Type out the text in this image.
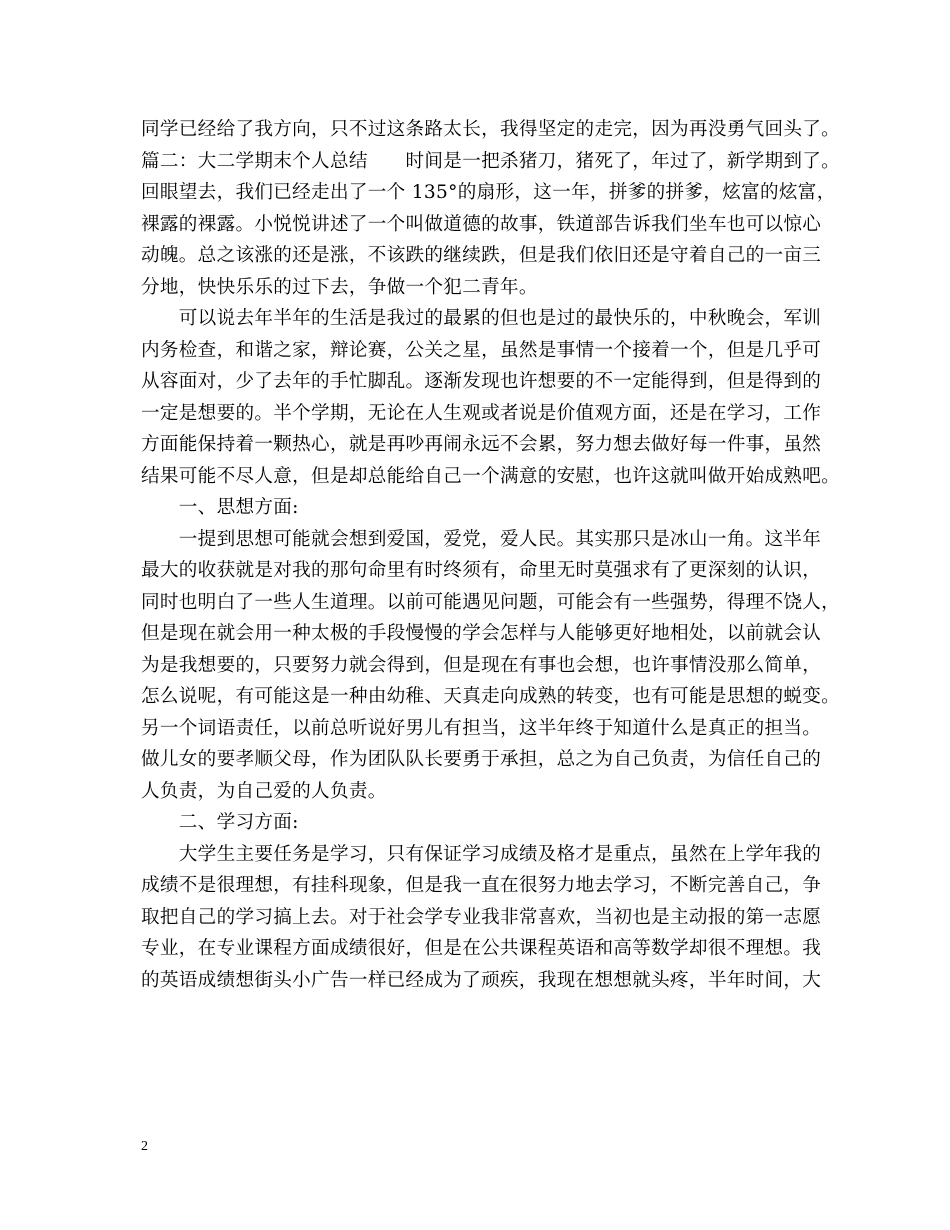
同学已经给了我方向，只不过这条路太长，我得坚定的走完，因为再没勇气回头了。
篇二：大二学期末个人总结　　时间是一把杀猪刀，猪死了，年过了，新学期到了。
回眼望去，我们已经走出了一个 135°的扇形，这一年，拼爹的拼爹，炫富的炫富，
裸露的裸露。小悦悦讲述了一个叫做道德的故事，铁道部告诉我们坐车也可以惊心
动魄。总之该涨的还是涨，不该跌的继续跌，但是我们依旧还是守着自己的一亩三
分地，快快乐乐的过下去，争做一个犯二青年。
　　可以说去年半年的生活是我过的最累的但也是过的最快乐的，中秋晚会，军训
内务检查，和谐之家，辩论赛，公关之星，虽然是事情一个接着一个，但是几乎可
从容面对，少了去年的手忙脚乱。逐渐发现也许想要的不一定能得到，但是得到的
一定是想要的。半个学期，无论在人生观或者说是价值观方面，还是在学习，工作
方面能保持着一颗热心，就是再吵再闹永远不会累，努力想去做好每一件事，虽然
结果可能不尽人意，但是却总能给自己一个满意的安慰，也许这就叫做开始成熟吧。
　　一、思想方面:
　　一提到思想可能就会想到爱国，爱党，爱人民。其实那只是冰山一角。这半年
最大的收获就是对我的那句命里有时终须有，命里无时莫强求有了更深刻的认识，
同时也明白了一些人生道理。以前可能遇见问题，可能会有一些强势，得理不饶人，
但是现在就会用一种太极的手段慢慢的学会怎样与人能够更好地相处，以前就会认
为是我想要的，只要努力就会得到，但是现在有事也会想，也许事情没那么简单，
怎么说呢，有可能这是一种由幼稚、天真走向成熟的转变，也有可能是思想的蜕变。
另一个词语责任，以前总听说好男儿有担当，这半年终于知道什么是真正的担当。
做儿女的要孝顺父母，作为团队队长要勇于承担，总之为自己负责，为信任自己的
人负责，为自己爱的人负责。
　　二、学习方面:
　　大学生主要任务是学习，只有保证学习成绩及格才是重点，虽然在上学年我的
成绩不是很理想，有挂科现象，但是我一直在很努力地去学习，不断完善自己，争
取把自己的学习搞上去。对于社会学专业我非常喜欢，当初也是主动报的第一志愿
专业，在专业课程方面成绩很好，但是在公共课程英语和高等数学却很不理想。我
的英语成绩想街头小广告一样已经成为了顽疾，我现在想想就头疼，半年时间，大
2
